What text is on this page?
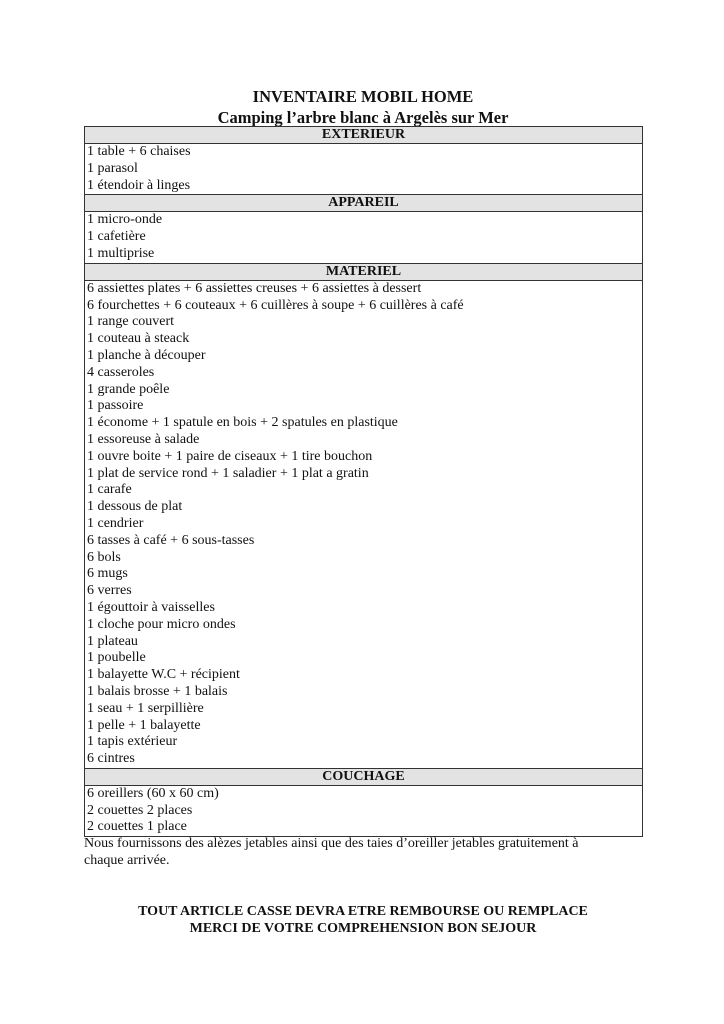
INVENTAIRE MOBIL HOME
Camping l’arbre blanc à Argelès sur Mer
EXTERIEUR
1 table + 6 chaises
1 parasol
1 étendoir à linges
APPAREIL
1 micro-onde
1 cafetière
1 multiprise
MATERIEL
6 assiettes plates + 6 assiettes creuses + 6 assiettes à dessert
6 fourchettes + 6 couteaux + 6 cuillères à soupe + 6 cuillères à café
1 range couvert
1 couteau à steack
1 planche à découper
4 casseroles
1 grande poêle
1 passoire
1 économe + 1 spatule en bois + 2 spatules en plastique
1 essoreuse à salade
1 ouvre boite + 1 paire de ciseaux + 1 tire bouchon
1 plat de service rond + 1 saladier + 1 plat a gratin
1 carafe
1 dessous de plat
1 cendrier
6 tasses à café + 6 sous-tasses
6 bols
6 mugs
6 verres
1 égouttoir à vaisselles
1 cloche pour micro ondes
1 plateau
1 poubelle
1 balayette W.C + récipient
1 balais brosse + 1 balais
1 seau + 1 serpillière
1 pelle + 1 balayette
1 tapis extérieur
6 cintres
COUCHAGE
6 oreillers (60 x 60 cm)
2 couettes 2 places
2 couettes 1 place
Nous fournissons des alèzes jetables ainsi que des taies d’oreiller jetables gratuitement à
chaque arrivée.
TOUT ARTICLE CASSE DEVRA ETRE REMBOURSE OU REMPLACE
MERCI DE VOTRE COMPREHENSION BON SEJOUR
